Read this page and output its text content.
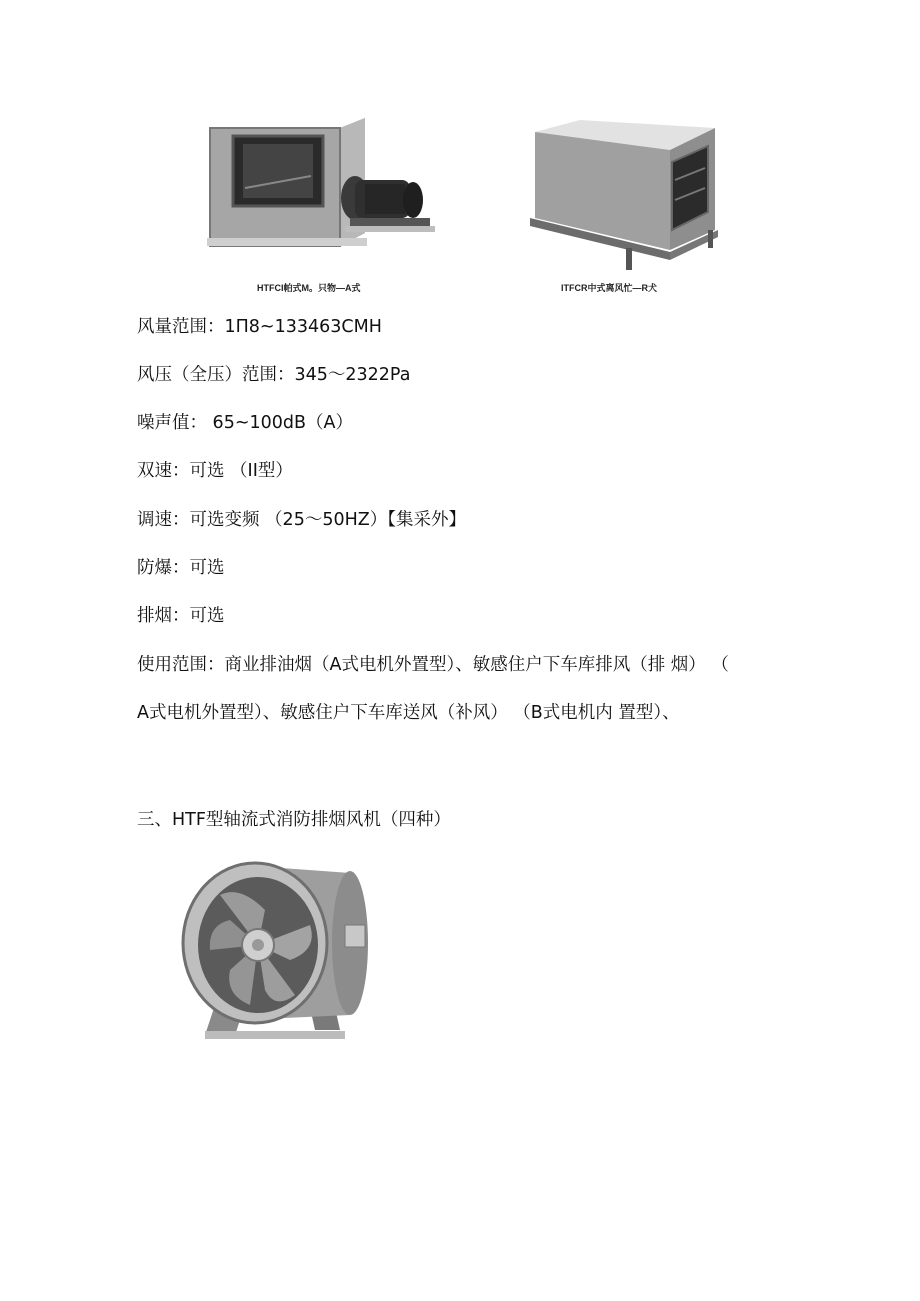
HTFCI帕式M。只物—A式	ITFCR中式离风忙—R犬
风量范围：1П8~133463CMH
风压（全压）范围：345～2322Pa
噪声值： 65~100dB（A）
双速：可选 （II型）
调速：可选变频 （25～50HZ）【集采外】
防爆：可选
排烟：可选
使用范围：商业排油烟（A式电机外置型）、敏感住户下车库排风（排 烟） （
A式电机外置型）、敏感住户下车库送风（补风） （B式电机内 置型）、
三、HTF型轴流式消防排烟风机（四种）
